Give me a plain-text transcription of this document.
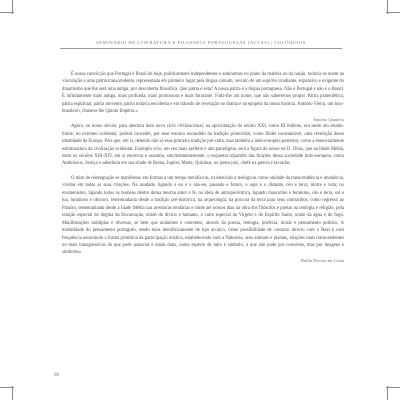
SEMINÁRIO DE LITERATURA E FILOSOFIA PORTUGUESAS (ACTAS) | COLÓQUIOS

É nossa convicção que Portugal e Brasil de hoje, politicamente independentes e autónomos no plano da matéria ou da nação, todavia se unem na vinculação a uma pátria transcendente, representada em primeiro lugar pela língua comum, veículo de um espírito irradiante, expansivo e exigente do dinamismo que lhe será uma antiga, por descoberta filosófica. Que pátria é esta? A nossa pátria é a língua portuguesa. Não é Portugal e não é o Brasil. É infinitamente mais antiga, mais profunda, mais promissora e mais futurante. Falta-lhe um nome, que não saberemos propor. Pátria pamediética, pátria espiritual, pátria movente, pátria todavia encoberta e em trânsito de revelação no drama e na epopeia da nossa história. António Vieira, um luso-brasileiro, chamou-lhe Quinto Império.»

António Quadros

Agora, no nosso século, para abertura dum novo ciclo civilizacional, na aproximação do século XXI, como III milénio, era neste um estado-limite, no extremo ocidental, poderá conceder, por esse tesouro escondido da tradição primordial, como fôlder incomutável, uma revelação desse identidade da Europa. Pois que, em si, detendo não só essa primeira tradição pré-celta, mas também a indo-europeia posterior, como a essencialmente estruturadora da civilização ocidental. Exemplo vivo, em seu mais perfeito e alto paradigma, será a figura do nosso rei D. Dinis, que na Idade Média, entre os séculos XIII-XIV, em si encerrou e assumiu, sincretamentemente, o esquema tripartido das funções dessa sociedade indo-europeia, como Ambrósius, Justiça e sabedoria em sua tríade de Roma, Jupiter, Marte, Quirinus, no poeta-juiz, chefe na guerra e lavrador.

O mito de reintegração se manifestou em formas a um tempo metafísicas, existenciais e teológicas como unidade da transcendência e imanência, vividas em todas as suas criações. Na saudade, ligando o eu e o não-eu, passado e futuro, o aqui e o distante, céu e terra, morte e vida; no ecumenismo, ligando todos os homens dentro duma mesma amor e fé, na ideia de antropocêntrica, ligando masculino e feminino, céu e terra, sol e lua, luminoso e obscuro, testemunhada desde a tradição pré-histórica, na arqueologia; na procura da terra para seus contraditos, como regresso ao Paraíso, testemunhada desde a Idade Média nas aventuras tendárias e sinde até nossos dias na obra dos filósofos e poetas na teologia e religião, pela relação especial do dogma da Encarnação, unido do divino e humano, o culto especial da Virgem e do Espírito Santo, união da água e do fogo. Manifestações múltiplas e diversas, se bem que unânimes e coerentes, através da poesia, teologia, profecia, moral e pensamento político. A modalidade do pensamento português, sendo mais metafisicamente de tipo arcaico, como possibilidade de contacto directo com o Real é com frequência assumindo a forma primitiva da participação mística, estabelecendo com a Natureza, seus animais e plantas, relações mais transcendentes ou mais transgressivas do que pode anunciar e ainda mais, numa espécie de mito e símbolo, o que não pode por conceitos, mas por imagens e símbolos»

Dalila Pereira da Costa
60
